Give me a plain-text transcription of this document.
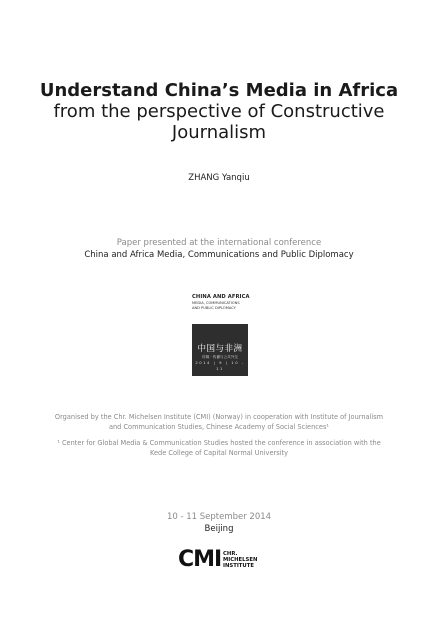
Understand China’s Media in Africa
from the perspective of Constructive
Journalism
ZHANG Yanqiu
Paper presented at the international conference
China and Africa Media, Communications and Public Diplomacy
CHINA AND AFRICA
MEDIA, COMMUNICATIONS
AND PUBLIC DIPLOMACY
中国与非洲
传媒 · 传播与公共外交
2014 | 9 | 10 - 11
Organised by the Chr. Michelsen Institute (CMI) (Norway) in cooperation with Institute of Journalism and Communication Studies, Chinese Academy of Social Sciences¹
¹ Center for Global Media & Communication Studies hosted the conference in association with the Kede College of Capital Normal University
10 - 11 September 2014
Beijing
CMI CHR.
MICHELSEN
INSTITUTE
